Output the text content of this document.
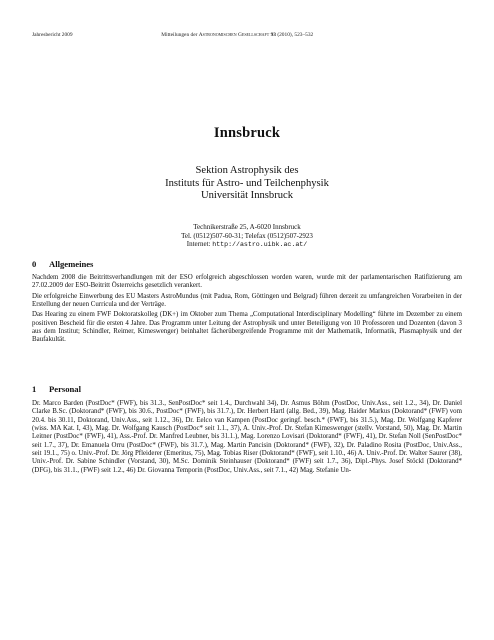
Jahresbericht 2009	Mitteilungen der Astronomischen Gesellschaft 93 (2010), 523–532
Innsbruck
Sektion Astrophysik des
Instituts für Astro- und Teilchenphysik
Universität Innsbruck
Technikerstraße 25, A-6020 Innsbruck
Tel. (0512)507-60-31; Telefax (0512)507-2923
Internet: http://astro.uibk.ac.at/
0 Allgemeines

Nachdem 2008 die Beitrittsverhandlungen mit der ESO erfolgreich abgeschlossen worden waren, wurde mit der parlamentarischen Ratifizierung am 27.02.2009 der ESO-Beitritt Österreichs gesetzlich verankert.

Die erfolgreiche Einwerbung des EU Masters AstroMundus (mit Padua, Rom, Göttingen und Belgrad) führen derzeit zu umfangreichen Vorarbeiten in der Erstellung der neuen Curricula und der Verträge.

Das Hearing zu einem FWF Doktoratskolleg (DK+) im Oktober zum Thema „Computational Interdisciplinary Modelling“ führte im Dezember zu einem positiven Bescheid für die ersten 4 Jahre. Das Programm unter Leitung der Astrophysik und unter Beteiligung von 10 Professoren und Dozenten (davon 3 aus dem Institut; Schindler, Reimer, Kimeswenger) beinhaltet fächerübergreifende Programme mit der Mathematik, Informatik, Plasmaphysik und der Baufakultät.

1 Personal

Dr. Marco Barden (PostDoc* (FWF), bis 31.3., SenPostDoc* seit 1.4., Durchwahl 34), Dr. Asmus Böhm (PostDoc, Univ.Ass., seit 1.2., 34), Dr. Daniel Clarke B.Sc. (Doktorand* (FWF), bis 30.6., PostDoc* (FWF), bis 31.7.), Dr. Herbert Hartl (allg. Bed., 39), Mag. Haider Markus (Doktorand* (FWF) vom 20.4. bis 30.11, Doktorand, Univ.Ass., seit 1.12., 36), Dr. Eelco van Kampen (PostDoc geringf. besch.* (FWF), bis 31.5.), Mag. Dr. Wolfgang Kapferer (wiss. MA Kat. I, 43), Mag. Dr. Wolfgang Kausch (PostDoc* seit 1.1., 37), A. Univ.-Prof. Dr. Stefan Kimeswenger (stellv. Vorstand, 50), Mag. Dr. Martin Leitner (PostDoc* (FWF), 41), Ass.-Prof. Dr. Manfred Leubner, bis 31.1.), Mag. Lorenzo Lovisari (Doktorand* (FWF), 41), Dr. Stefan Noll (SenPostDoc* seit 1.7., 37), Dr. Emanuela Orru (PostDoc* (FWF), bis 31.7.), Mag. Martin Pancisin (Doktorand* (FWF), 32), Dr. Paladino Rosita (PostDoc, Univ.Ass., seit 19.1., 75) o. Univ.-Prof. Dr. Jörg Pfleiderer (Emeritus, 75), Mag. Tobias Riser (Doktorand* (FWF), seit 1.10., 46) A. Univ.-Prof. Dr. Walter Saurer (38), Univ.-Prof. Dr. Sabine Schindler (Vorstand, 30), M.Sc. Dominik Steinhauser (Doktorand* (FWF) seit 1.7., 36), Dipl.-Phys. Josef Stöckl (Doktorand* (DFG), bis 31.1., (FWF) seit 1.2., 46) Dr. Giovanna Temporin (PostDoc, Univ.Ass., seit 7.1., 42) Mag. Stefanie Un-
